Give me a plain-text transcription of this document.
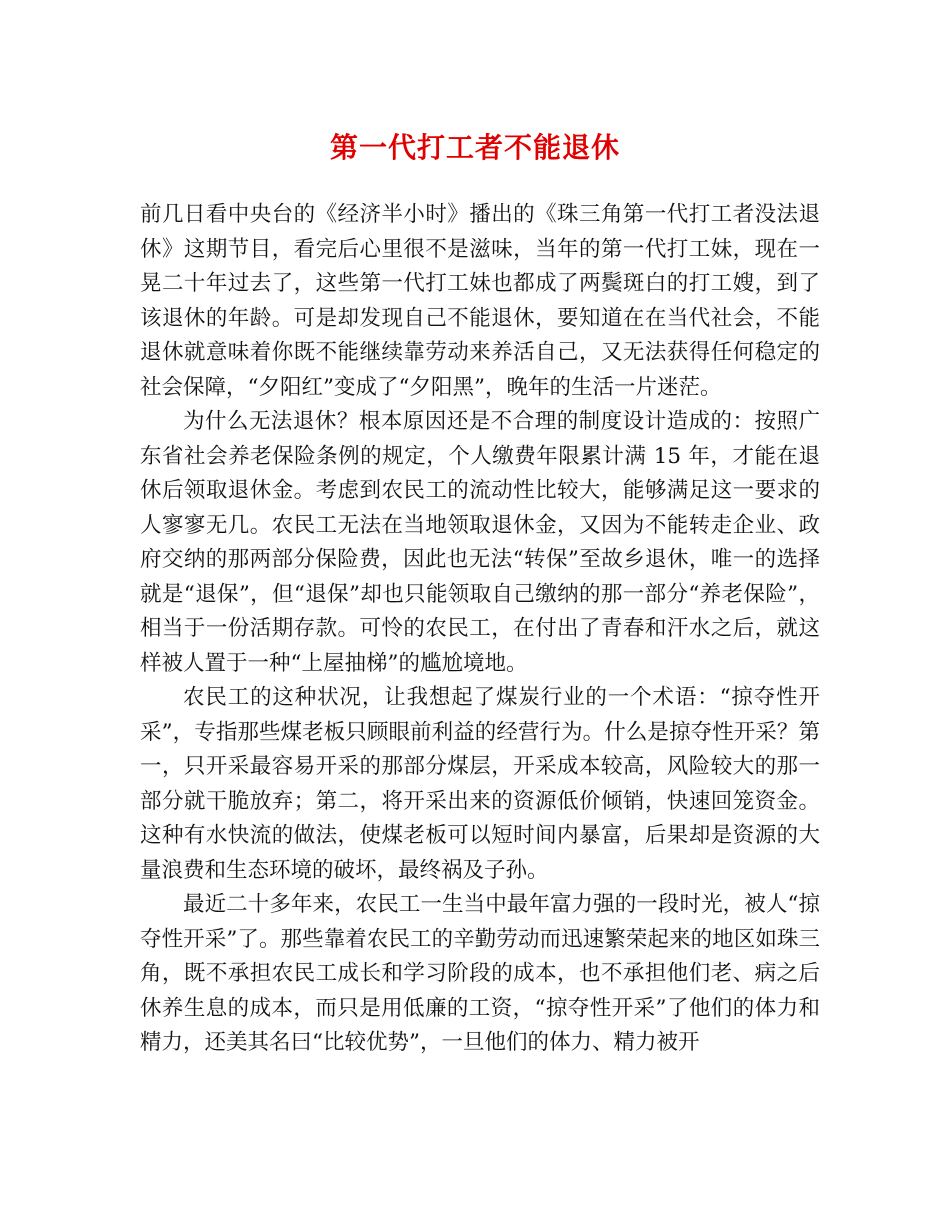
第一代打工者不能退休

前几日看中央台的《经济半小时》播出的《珠三角第一代打工者没法退休》这期节目，看完后心里很不是滋味，当年的第一代打工妹，现在一晃二十年过去了，这些第一代打工妹也都成了两鬓斑白的打工嫂，到了该退休的年龄。可是却发现自己不能退休，要知道在在当代社会，不能退休就意味着你既不能继续靠劳动来养活自己，又无法获得任何稳定的社会保障，“夕阳红”变成了“夕阳黑”，晚年的生活一片迷茫。

为什么无法退休？根本原因还是不合理的制度设计造成的：按照广东省社会养老保险条例的规定，个人缴费年限累计满 15 年，才能在退休后领取退休金。考虑到农民工的流动性比较大，能够满足这一要求的人寥寥无几。农民工无法在当地领取退休金，又因为不能转走企业、政府交纳的那两部分保险费，因此也无法“转保”至故乡退休，唯一的选择就是“退保”，但“退保”却也只能领取自己缴纳的那一部分“养老保险”，相当于一份活期存款。可怜的农民工，在付出了青春和汗水之后，就这样被人置于一种“上屋抽梯”的尴尬境地。

农民工的这种状况，让我想起了煤炭行业的一个术语：“掠夺性开采”，专指那些煤老板只顾眼前利益的经营行为。什么是掠夺性开采？第一，只开采最容易开采的那部分煤层，开采成本较高，风险较大的那一部分就干脆放弃；第二，将开采出来的资源低价倾销，快速回笼资金。这种有水快流的做法，使煤老板可以短时间内暴富，后果却是资源的大量浪费和生态环境的破坏，最终祸及子孙。

最近二十多年来，农民工一生当中最年富力强的一段时光，被人“掠夺性开采”了。那些靠着农民工的辛勤劳动而迅速繁荣起来的地区如珠三角，既不承担农民工成长和学习阶段的成本，也不承担他们老、病之后休养生息的成本，而只是用低廉的工资，“掠夺性开采”了他们的体力和精力，还美其名曰“比较优势”，一旦他们的体力、精力被开
